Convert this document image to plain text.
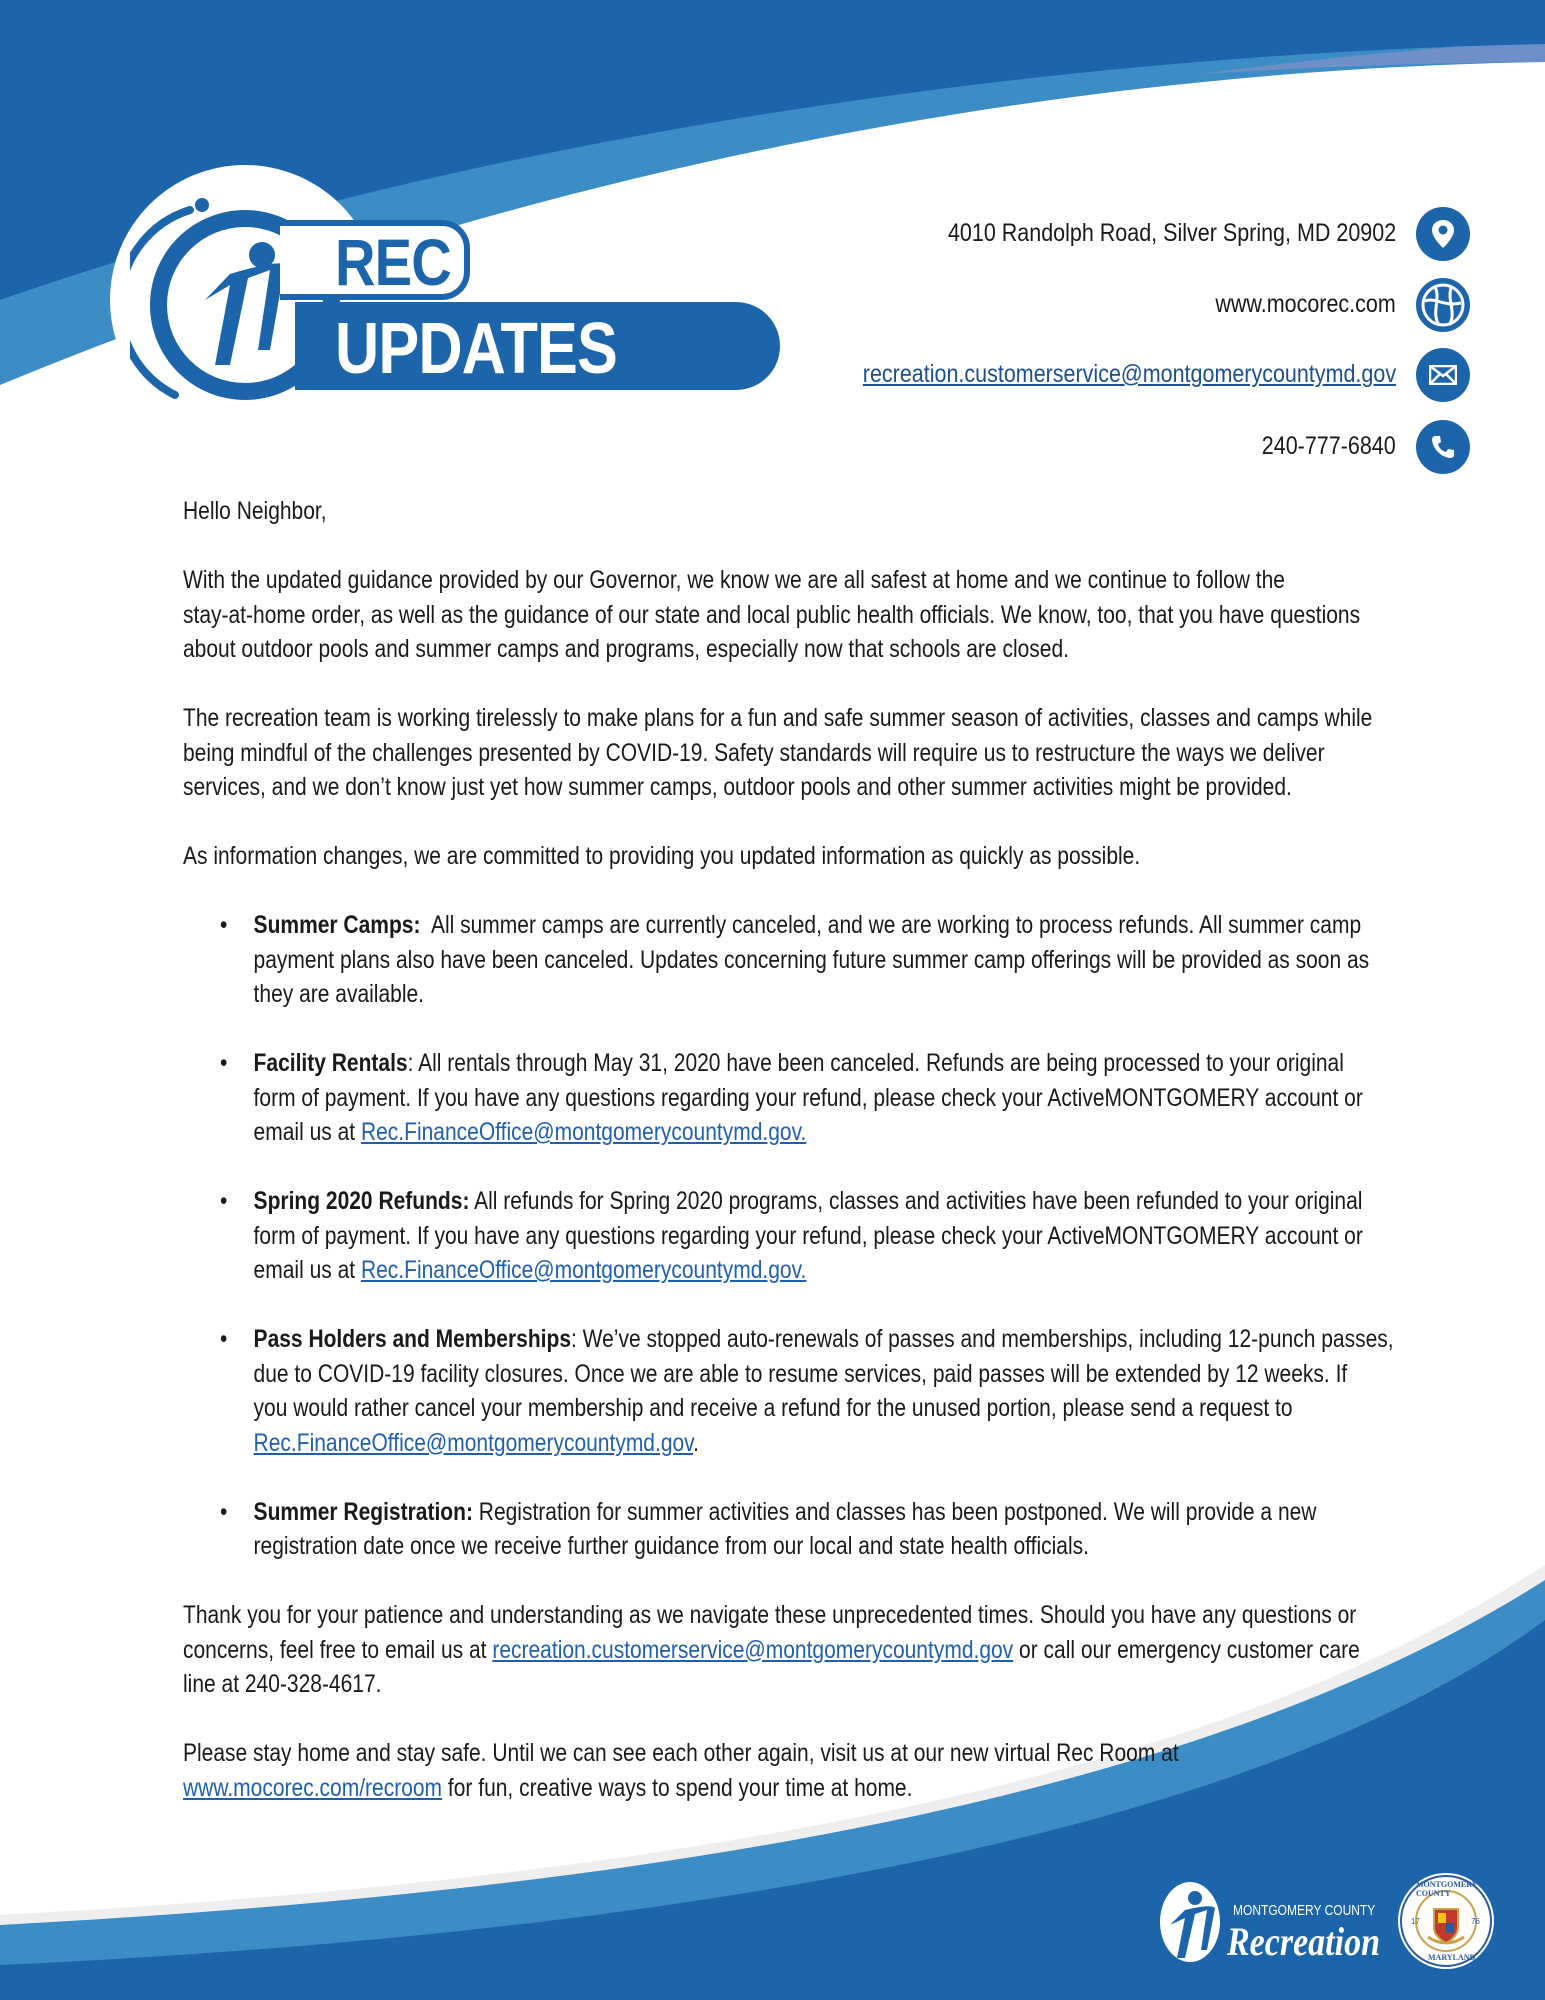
REC
UPDATES
4010 Randolph Road, Silver Spring, MD 20902
www.mocorec.com
recreation.customerservice@montgomerycountymd.gov
240-777-6840
Hello Neighbor,
With the updated guidance provided by our Governor, we know we are all safest at home and we continue to follow the
stay-at-home order, as well as the guidance of our state and local public health officials. We know, too, that you have questions
about outdoor pools and summer camps and programs, especially now that schools are closed.
The recreation team is working tirelessly to make plans for a fun and safe summer season of activities, classes and camps while
being mindful of the challenges presented by COVID-19. Safety standards will require us to restructure the ways we deliver
services, and we don’t know just yet how summer camps, outdoor pools and other summer activities might be provided.
As information changes, we are committed to providing you updated information as quickly as possible.
• Summer Camps:  All summer camps are currently canceled, and we are working to process refunds. All summer camp
payment plans also have been canceled. Updates concerning future summer camp offerings will be provided as soon as
they are available.
• Facility Rentals: All rentals through May 31, 2020 have been canceled. Refunds are being processed to your original
form of payment. If you have any questions regarding your refund, please check your ActiveMONTGOMERY account or
email us at Rec.FinanceOffice@montgomerycountymd.gov.
• Spring 2020 Refunds: All refunds for Spring 2020 programs, classes and activities have been refunded to your original
form of payment. If you have any questions regarding your refund, please check your ActiveMONTGOMERY account or
email us at Rec.FinanceOffice@montgomerycountymd.gov.
• Pass Holders and Memberships: We’ve stopped auto-renewals of passes and memberships, including 12-punch passes,
due to COVID-19 facility closures. Once we are able to resume services, paid passes will be extended by 12 weeks. If
you would rather cancel your membership and receive a refund for the unused portion, please send a request to
Rec.FinanceOffice@montgomerycountymd.gov.
• Summer Registration: Registration for summer activities and classes has been postponed. We will provide a new
registration date once we receive further guidance from our local and state health officials.
Thank you for your patience and understanding as we navigate these unprecedented times. Should you have any questions or
concerns, feel free to email us at recreation.customerservice@montgomerycountymd.gov or call our emergency customer care
line at 240-328-4617.
Please stay home and stay safe. Until we can see each other again, visit us at our new virtual Rec Room at
www.mocorec.com/recroom for fun, creative ways to spend your time at home.
MONTGOMERY COUNTY
Recreation
MONTGOMERY COUNTY
MARYLAND
17	76
